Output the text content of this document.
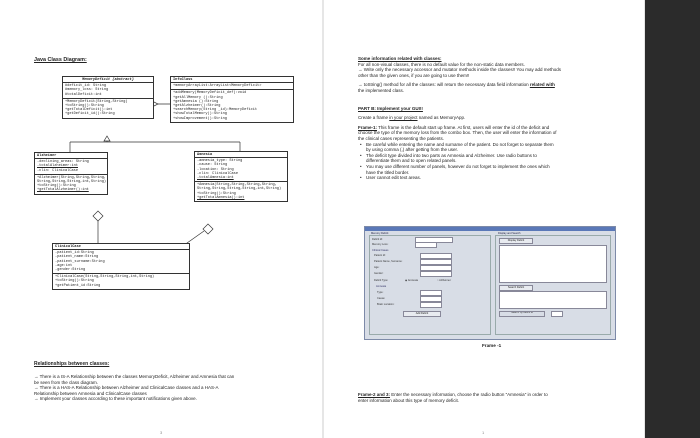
Java Class Diagram:
MemoryDeficit {abstract}
#deficit_id: String
#memory_loss: String
#totalDeficit:int
+MemoryDeficit(String,String)
+toString():String
+getTotalDeficit():int
+getDeficit_id():String
InfoClass
+memoryArrayList:ArrayList<MemoryDeficit>
+addMemory(MemoryDeficit_def):void
+getAllMemory ():String
+getAmnesia ():String
+getAlzheimer():String
+searchMemory(String _id):MemoryDeficit
+showTotalMemory():String
+showImprovement():String
Alzheimer
-declining_areas: String
-totalAlzheimer:int
-clin: ClinicalCase
+Alzheimer(String,String,String,
String,String,String,int,String)
+toString():String
+getTotalAlzheimer():int
Amnesia
-amnesia_type: String
-cause: String
-location: String
-clin: ClinicalCase
-totalAmnesia:int
+Amnesia(String,String,String,String,
String,String,String,String,int,String)
+toString():String
+getTotalAmnesia():int
ClinicalCase
-patient_id:String
-patient_name:String
-patient_surname:String
-age:int
-gender:String
+ClinicalCase(String,String,String,int,String)
+toString():String
+getPatient_id:String
Relationships between classes:

→ There is a IS-A Relationship between the classes MemoryDeficit, Alzheimer and Amnesia that can

be seen from the class diagram.

→ There is a HAS-A Relationship between Alzheimer and ClinicalCase classes and a HAS-A

Relationship between Amnesia and ClinicalCase classes

→ Implement your classes according to these important notifications given above.

3

Some information related with classes:

For all non-visual classes, there is no default value for the non-static data members.

→ Write only the necessary accessor and mutator methods inside the classes!! You may add methods

other than the given ones, if you are going to use them!!

→ toString() method for all the classes: will return the necessary data field information related with

the implemented class.

PART B: Implement your GUI!!

Create a frame in your project named as MemoryApp.

Frame-1: This frame is the default start up frame. At first, users will enter the id of the deficit and

choose the type of the memory loss from the combo box. Then, the user will enter the information of

the clinical cases representing the patients.

• Be careful while entering the name and surname of the patient. Do not forget to separate them

by using comma (,) after getting from the user.

• The deficit type divided into two parts as Amnesia and Alzheimer. Use radio buttons to

differentiate them and to open related panels.

• You may use different number of panels, however do not forget to implement the ones which

have the titled border.

• User cannot edit text areas.

Memory Deficit
Deficit Id:
Memory Loss:
Clinical Cases
Patient Id:
Patient Name, Surname:
Age:
Gender:
Deficit Type:	◉ Amnesia	○ Alzheimer
Amnesia
Type:
Cause:
Brain Location:
Add Deficit
Display and Search
Display Deficit
Search Deficit
Search by deficit id
Frame -1

Frame-2 and 3: Enter the necessary information, choose the radio button "Amnesia" in order to

enter information about this type of memory deficit.

1
